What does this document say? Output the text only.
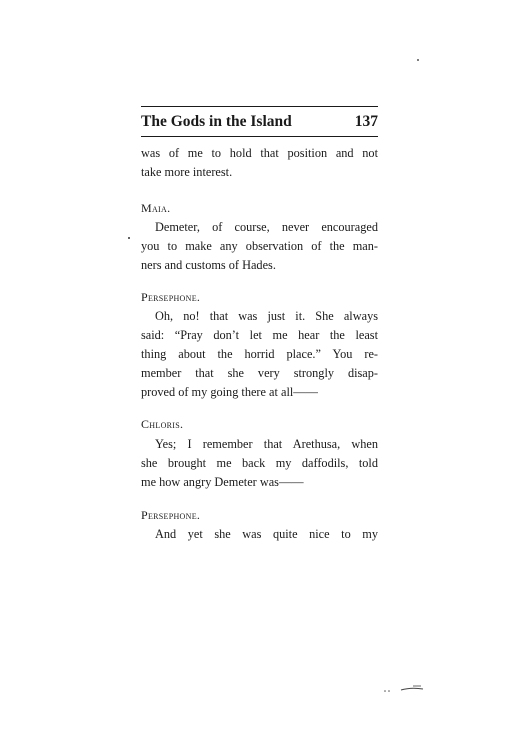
The Gods in the Island	137
was of me to hold that position and not
take more interest.
Maia.
Demeter, of course, never encouraged
you to make any observation of the man-
ners and customs of Hades.
Persephone.
Oh, no! that was just it. She always
said: “Pray don’t let me hear the least
thing about the horrid place.” You re-
member that she very strongly disap-
proved of my going there at all——
Chloris.
Yes; I remember that Arethusa, when
she brought me back my daffodils, told
me how angry Demeter was——
Persephone.
And yet she was quite nice to my
